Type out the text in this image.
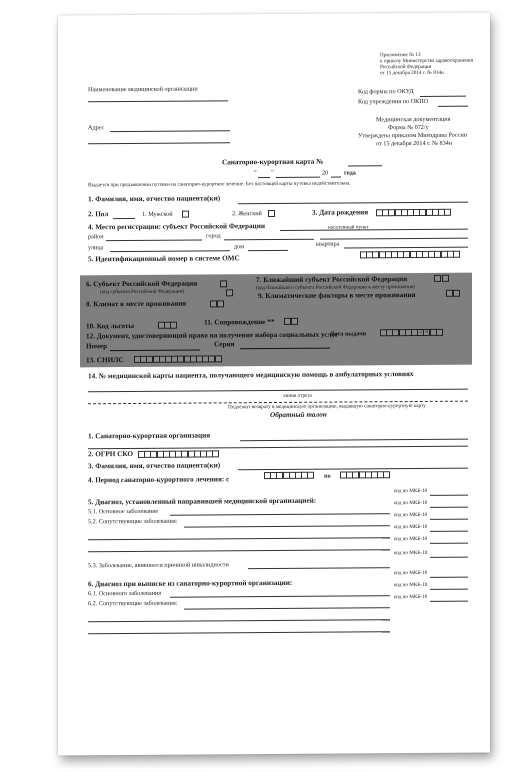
Приложение № 13
к приказу Министерства здравоохранения
Российской Федерации
от 15 декабря 2014 г. № 834н
Наименование медицинской организации	Код формы по ОКУД
Код учреждения по ОКПО
Адрес
Медицинская документация
Форма № 072/у
Утверждена приказом Минздрава России
от 15 декабря 2014 г. № 834н
Санаторно-курортная карта №
“ ”	20	года
Выдается при предъявлении путевки на санаторно-курортное лечение. Без настоящей карты путевка недействительна.
1. Фамилия, имя, отчество пациента(ки)
2. Пол	1. Мужской	2. Женский	3. Дата рождения
4. Место регистрации: субъект Российской Федерации
район	город
населенный пункт
улица	дом	квартира
5. Идентификационный номер в системе ОМС
6. Субъект Российской Федерации
(код субъекта Российской Федерации)
7. Ближайший субъект Российской Федерации
(код ближайшего субъекта Российской Федерации к месту проживания)
8. Климат в месте проживания
9. Климатические факторы в месте проживания
10. Код льготы	11. Сопровождение **
12. Документ, удостоверяющий право на получение набора социальных услуг
Дата выдачи	2 0
Номер	Серия
13. СНИЛС
14. № медицинской карты пациента, получающего медицинскую помощь в амбулаторных условиях
линия отреза
Подлежит возврату в медицинскую организацию, выдавшую санаторно-курортную карту
Обратный талон
1. Санаторно-курортная организация
2. ОГРН СКО
3. Фамилия, имя, отчество пациента(ки)
4. Период санаторно-курортного лечения: с	по
5. Диагноз, установленный направившей медицинской организацией:
код по МКБ-10
5.1. Основное заболевание
код по МКБ-10
5.2. Сопутствующие заболевания:
код по МКБ-10
код по МКБ-10
код по МКБ-10
5.3. Заболевание, явившееся причиной инвалидности
код по МКБ-10
6. Диагноз при выписке из санаторно-курортной организации:
код по МКБ-10
6.1. Основного заболевания
код по МКБ-10
6.2. Сопутствующие заболевания:
код по МКБ-10
